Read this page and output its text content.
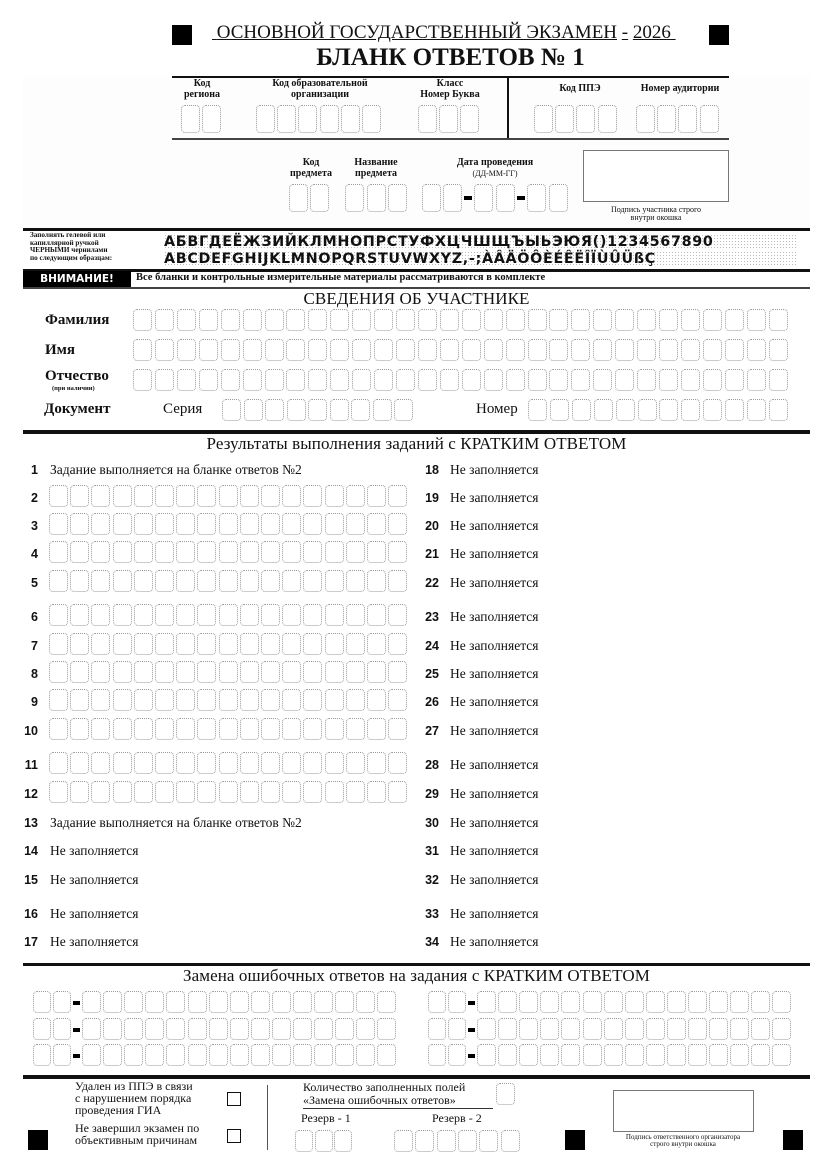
ОСНОВНОЙ ГОСУДАРСТВЕННЫЙ ЭКЗАМЕН - 2026
БЛАНК ОТВЕТОВ № 1
Код
региона
Код образовательной
организации
Класс
Номер Буква	Код ППЭ	Номер аудитории
Код
предмета
Название
предмета
Дата проведения
(ДД-ММ-ГГ)
Подпись участника строго
внутри окошка
Заполнять гелевой или
капиллярной ручкой
ЧЕРНЫМИ чернилами
по следующим образцам:
АБВГДЕЁЖЗИЙКЛМНОПРСТУФХЦЧШЩЪЫЬЭЮЯ()1234567890
ABCDEFGHIJKLMNOPQRSTUVWXYZ,-;ÀÂÄÖÔÈÉÊËÎÏÙÛÜßÇ
ВНИМАНИЕ!	Все бланки и контрольные измерительные материалы рассматриваются в комплекте
СВЕДЕНИЯ ОБ УЧАСТНИКЕ
Фамилия
Имя
Отчество
(при наличии)
Документ	Серия	Номер
Результаты выполнения заданий с КРАТКИМ ОТВЕТОМ
1 Задание выполняется на бланке ответов №2
2
3
4
5
6
7
8
9
10
11
12
13 Задание выполняется на бланке ответов №2
14 Не заполняется
15 Не заполняется
16 Не заполняется
17 Не заполняется
18 Не заполняется
19 Не заполняется
20 Не заполняется
21 Не заполняется
22 Не заполняется
23 Не заполняется
24 Не заполняется
25 Не заполняется
26 Не заполняется
27 Не заполняется
28 Не заполняется
29 Не заполняется
30 Не заполняется
31 Не заполняется
32 Не заполняется
33 Не заполняется
34 Не заполняется
Замена ошибочных ответов на задания с КРАТКИМ ОТВЕТОМ
Удален из ППЭ в связи
с нарушением порядка
проведения ГИА
Не завершил экзамен по
объективным причинам
Количество заполненных полей
«Замена ошибочных ответов»
Резерв - 1	Резерв - 2
Подпись ответственного организатора
строго внутри окошка
